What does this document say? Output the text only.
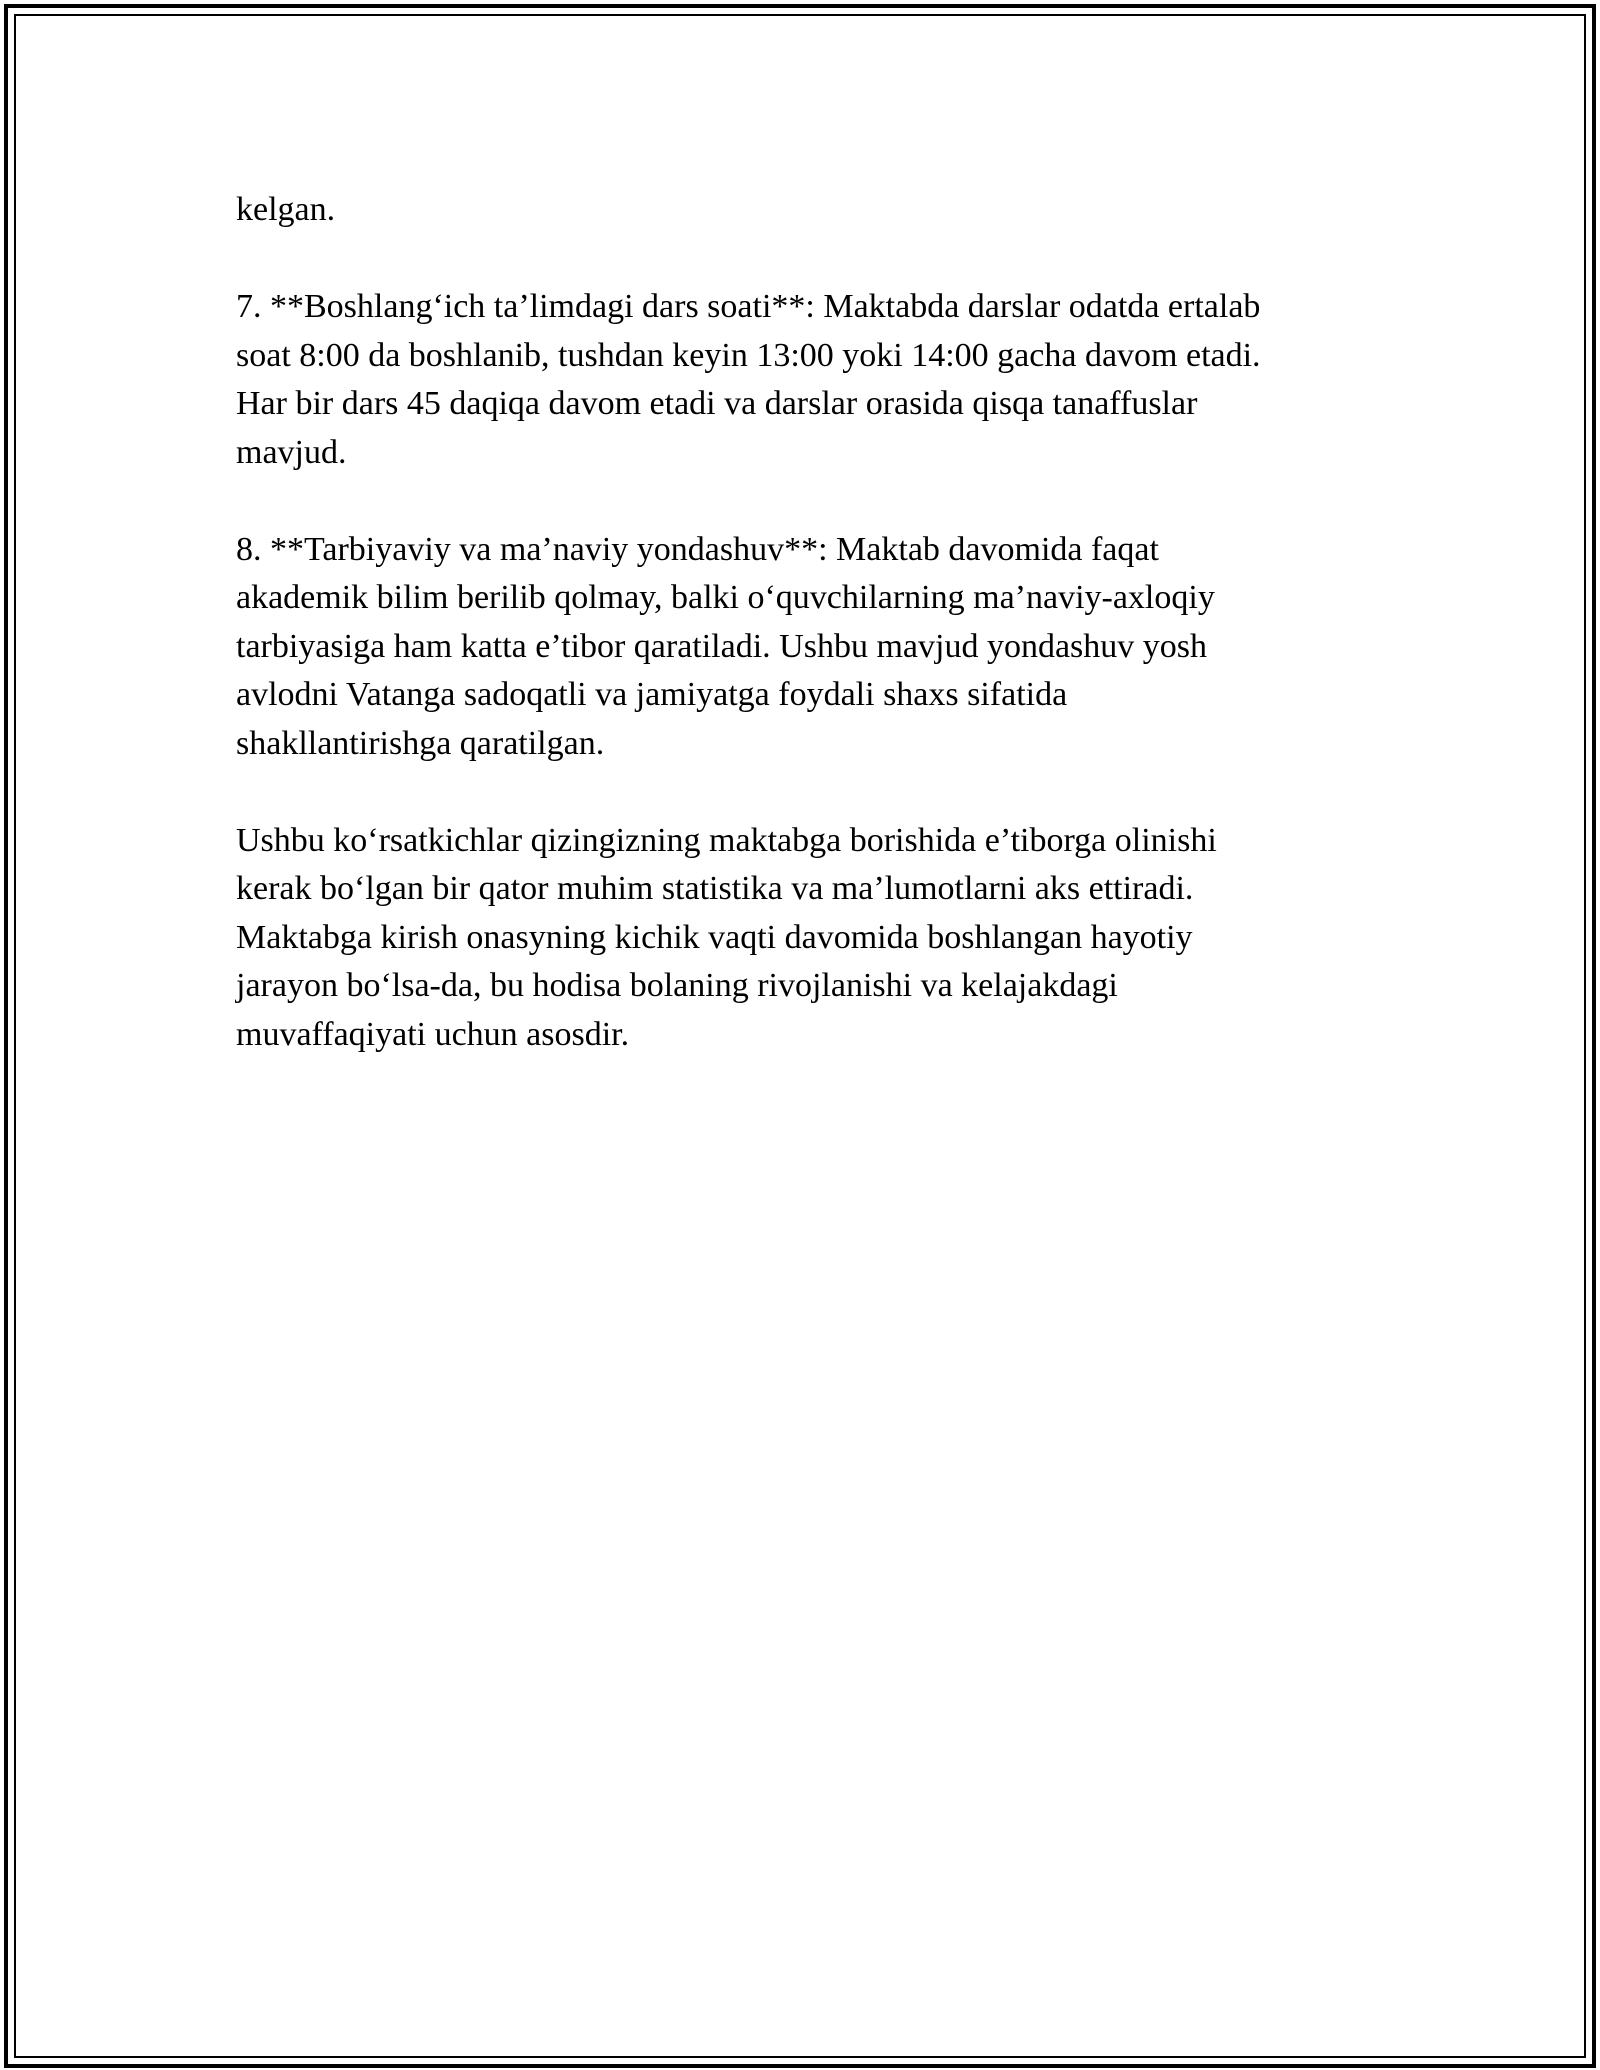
kelgan.

7. **Boshlang‘ich ta’limdagi dars soati**: Maktabda darslar odatda ertalab
soat 8:00 da boshlanib, tushdan keyin 13:00 yoki 14:00 gacha davom etadi.
Har bir dars 45 daqiqa davom etadi va darslar orasida qisqa tanaffuslar
mavjud.

8. **Tarbiyaviy va ma’naviy yondashuv**: Maktab davomida faqat
akademik bilim berilib qolmay, balki o‘quvchilarning ma’naviy-axloqiy
tarbiyasiga ham katta e’tibor qaratiladi. Ushbu mavjud yondashuv yosh
avlodni Vatanga sadoqatli va jamiyatga foydali shaxs sifatida
shakllantirishga qaratilgan.

Ushbu ko‘rsatkichlar qizingizning maktabga borishida e’tiborga olinishi
kerak bo‘lgan bir qator muhim statistika va ma’lumotlarni aks ettiradi.
Maktabga kirish onasyning kichik vaqti davomida boshlangan hayotiy
jarayon bo‘lsa-da, bu hodisa bolaning rivojlanishi va kelajakdagi
muvaffaqiyati uchun asosdir.
